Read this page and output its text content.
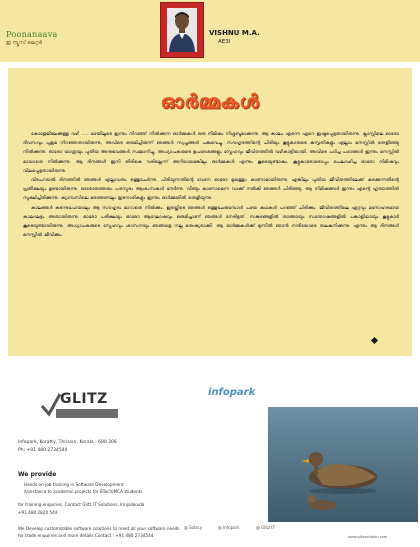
Poonanaava
ഇ ന്യൂസ് ലെറ്റർ
VISHNU M.A.
AE3I
ഓർമ്മകൾ

കോളേജിലേക്കുള്ള വഴി ..... മഴയിലൂടെ ഇന്നും നിറഞ്ഞ് നിൽക്കുന്ന ഓർമ്മകൾ ഒരു നിമിഷം നിശ്ശബ്ദമാക്കുന്നു. ആ കാലം എന്നെ ഏറെ ഇഷ്ടപ്പെട്ടതായിരുന്നു. ക്ലാസ്സിലെ ഓരോ ദിവസവും പുതുമ നിറഞ്ഞതായിരുന്നു, അവിടെ ഒരുമിച്ചിരുന്ന് ഞങ്ങൾ സ്വപ്നങ്ങൾ പങ്കുവെച്ചു. സൗഹൃദത്തിന്റെ ചിരിയും കൂട്ടുകാരുടെ കുസൃതികളും എല്ലാം മനസ്സിൽ തെളിഞ്ഞു നിൽക്കുന്നു. ഓരോ യാത്രയും പുതിയ അനുഭവങ്ങൾ സമ്മാനിച്ചു. അധ്യാപകരുടെ ഉപദേശങ്ങളും സ്നേഹവും ജീവിതത്തിൽ വഴികാട്ടിയായി. അവിടെ പഠിച്ച പാഠങ്ങൾ ഇന്നും മനസ്സിൽ മായാതെ നിൽക്കുന്നു. ആ ദിനങ്ങൾ ഇനി തിരികെ വരില്ലെന്ന് അറിയാമെങ്കിലും ഓർമ്മകൾ എന്നും കൂടെയുണ്ടാകും. കൂട്ടുകാരോടൊപ്പം ചെലവഴിച്ച ഓരോ നിമിഷവും വിലപ്പെട്ടതായിരുന്നു.

വിടപറയൽ ദിനത്തിൽ ഞങ്ങൾ എല്ലാവരും ഒത്തുചേർന്നു. പിരിയുന്നതിന്റെ വേദന ഓരോ മുഖത്തും കാണാമായിരുന്നു. എങ്കിലും പുതിയ ജീവിതത്തിലേക്ക് കടക്കുന്നതിന്റെ പ്രതീക്ഷയും ഉണ്ടായിരുന്നു. ഓരോരുത്തരും പരസ്പരം ആശംസകൾ നേർന്നു. വീണ്ടും കാണാമെന്ന വാക്ക് നൽകി ഞങ്ങൾ പിരിഞ്ഞു. ആ നിമിഷങ്ങൾ ഇന്നും എന്റെ ഹൃദയത്തിൽ സൂക്ഷിച്ചിരിക്കുന്നു. ക്യാമ്പസിലെ മരത്തണലും ഇടനാഴികളും ഇന്നും ഓർമ്മയിൽ തെളിയുന്നു.

കാലങ്ങൾ കടന്നുപോയാലും ആ സൗഹൃദം മാറാതെ നിൽക്കും. ഇടയ്ക്കിടെ ഞങ്ങൾ ഒത്തുചേരുമ്പോൾ പഴയ കഥകൾ പറഞ്ഞ് ചിരിക്കും. ജീവിതത്തിലെ ഏറ്റവും മനോഹരമായ കാലഘട്ടം അതായിരുന്നു. ഓരോ പരീക്ഷയും ഓരോ ആഘോഷവും ഒരുമിച്ചാണ് ഞങ്ങൾ നേരിട്ടത്. സങ്കടങ്ങളിൽ താങ്ങായും സന്തോഷങ്ങളിൽ പങ്കാളിയായും കൂട്ടുകാർ കൂടെയുണ്ടായിരുന്നു. അധ്യാപകരുടെ സ്നേഹവും ശാസനയും ഞങ്ങളെ നല്ല മനുഷ്യരാക്കി. ആ ഓർമ്മകൾക്ക് മുന്നിൽ ഞാൻ നന്ദിയോടെ തലകുനിക്കുന്നു. എന്നും ആ ദിനങ്ങൾ മനസ്സിൽ ജീവിക്കും.

GLITZ	infopark
Infopark, Koratty, Thrissur, Kerala - 680 308
Ph: +91 480 2734544
We provide
Hands on job training in Software Development
Assistance to academic projects for BTech/MCA students
for training enquiries, Contact Glitz IT Solutions, Irinjalakuda
+91 480 2820 544
We Develop customizable software solutions to meet all your software needs
for trade enquiries and more details Contact : +91 480 2734544
Solacy	Infopark	Glitz IT
www.glitzsolution.com
